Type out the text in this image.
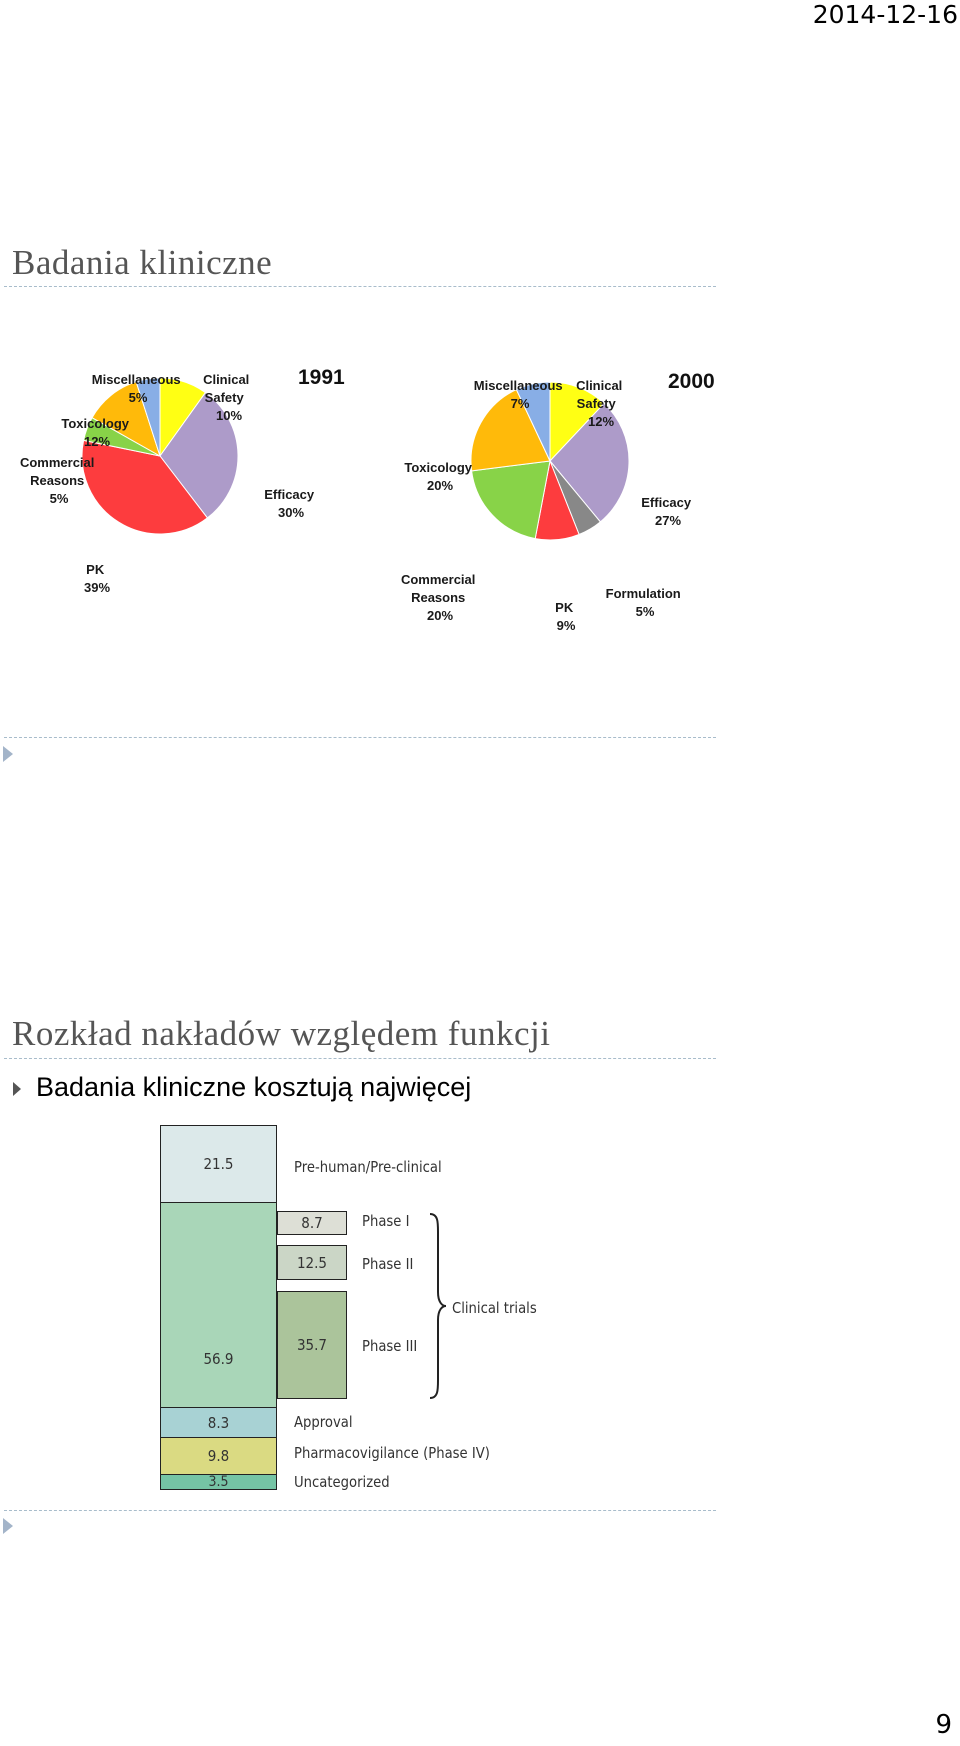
2014-12-16
Badania kliniczne
1991
Miscellaneous 5%
Clinical Safety 10%
Toxicology 12%
Commercial Reasons 5%	Efficacy 30%
PK 39%
2000
Miscellaneous 7%
Clinical Safety 12%
Toxicology 20%
Efficacy 27%
Commercial Reasons 20%
Formulation 5%
PK 9%
Rozkład nakładów względem funkcji
Badania kliniczne kosztują najwięcej
21.5
56.9
8.3
9.8
3.5
8.7
12.5
35.7
Pre-human/Pre-clinical
Phase I
Phase II
Phase III
Clinical trials
Approval
Pharmacovigilance (Phase IV)
Uncategorized
9
